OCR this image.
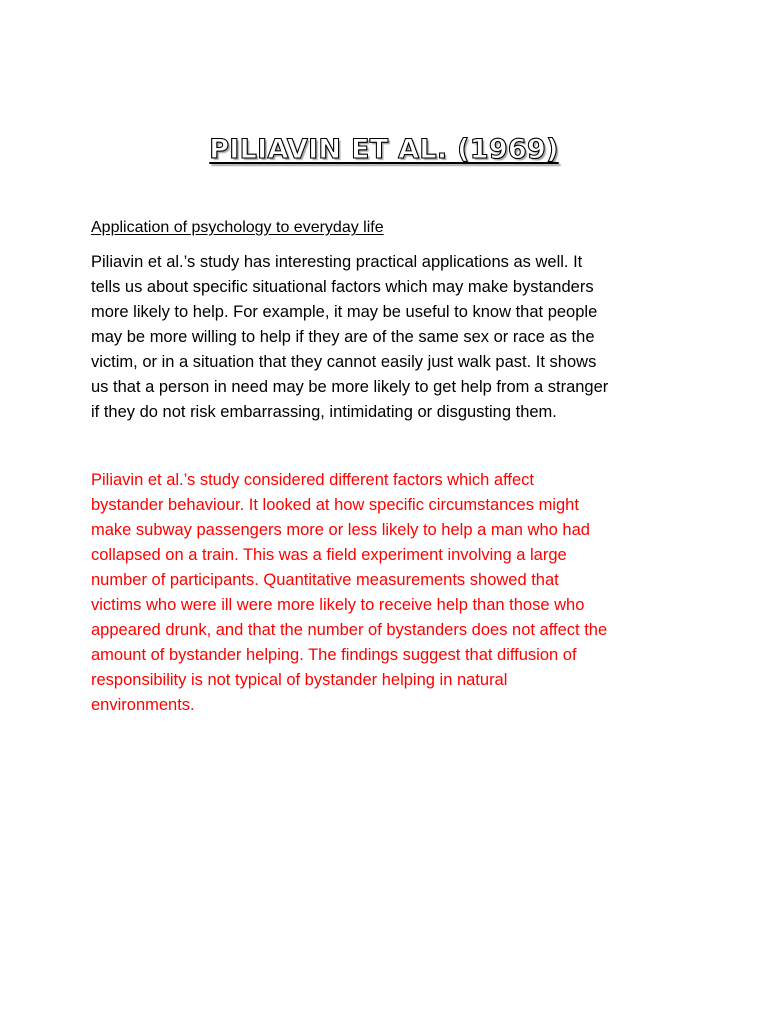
PILIAVIN ET AL. (1969)
Application of psychology to everyday life

Piliavin et al.’s study has interesting practical applications as well. It
tells us about specific situational factors which may make bystanders
more likely to help. For example, it may be useful to know that people
may be more willing to help if they are of the same sex or race as the
victim, or in a situation that they cannot easily just walk past. It shows
us that a person in need may be more likely to get help from a stranger
if they do not risk embarrassing, intimidating or disgusting them.

Piliavin et al.’s study considered different factors which affect
bystander behaviour. It looked at how specific circumstances might
make subway passengers more or less likely to help a man who had
collapsed on a train. This was a field experiment involving a large
number of participants. Quantitative measurements showed that
victims who were ill were more likely to receive help than those who
appeared drunk, and that the number of bystanders does not affect the
amount of bystander helping. The findings suggest that diffusion of
responsibility is not typical of bystander helping in natural
environments.
